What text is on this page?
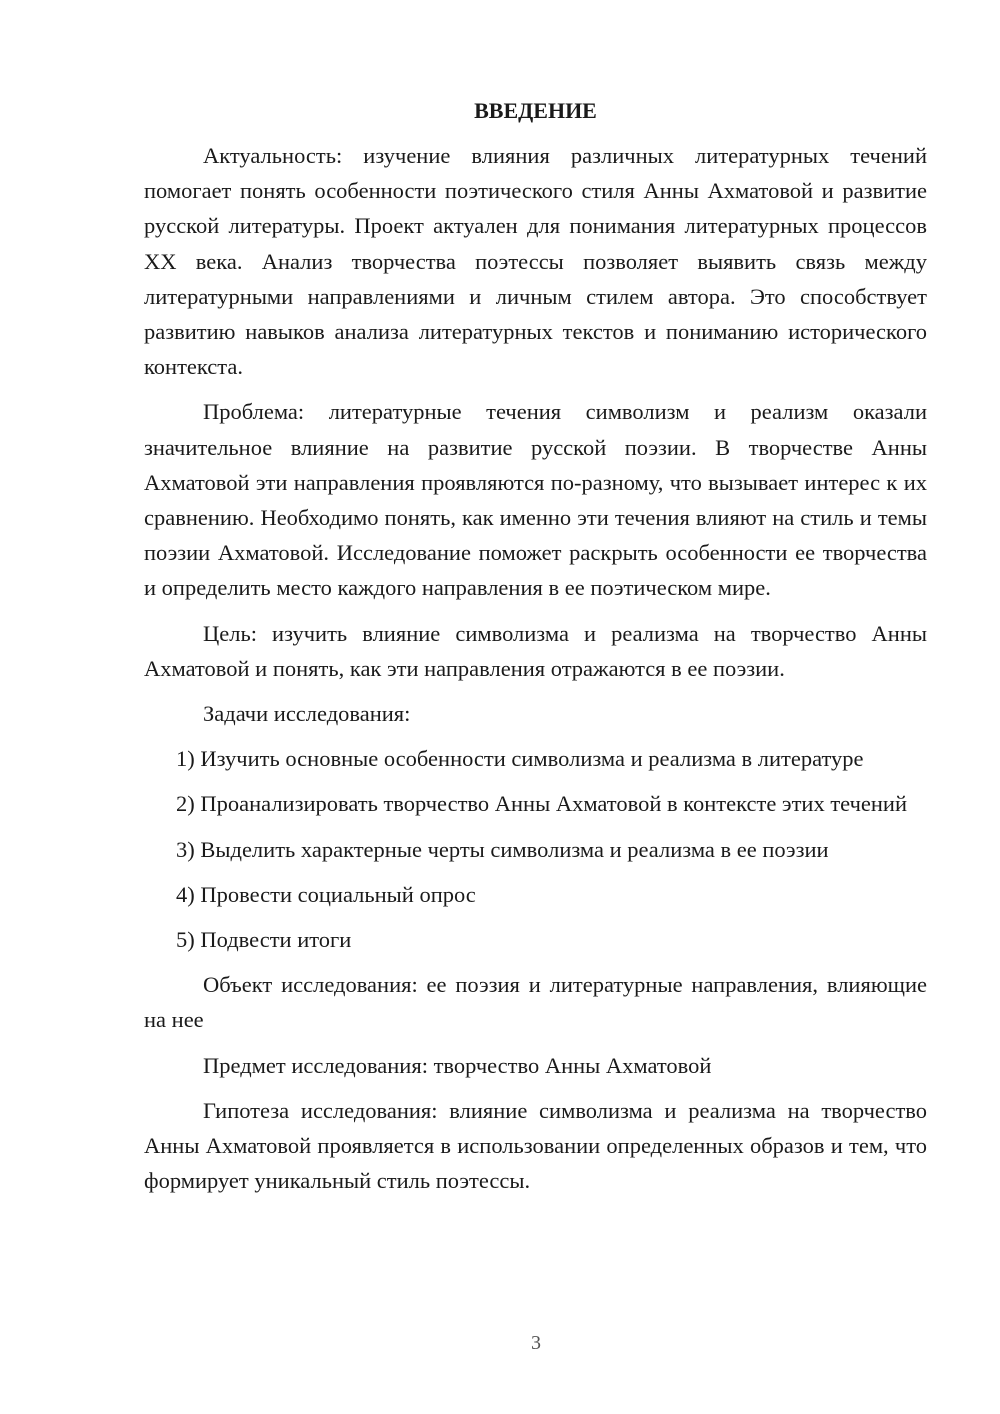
ВВЕДЕНИЕ

Актуальность: изучение влияния различных литературных течений помогает понять особенности поэтического стиля Анны Ахматовой и развитие русской литературы. Проект актуален для понимания литературных процессов XX века. Анализ творчества поэтессы позволяет выявить связь между литературными направлениями и личным стилем автора. Это способствует развитию навыков анализа литературных текстов и пониманию исторического контекста.

Проблема: литературные течения символизм и реализм оказали значительное влияние на развитие русской поэзии. В творчестве Анны Ахматовой эти направления проявляются по-разному, что вызывает интерес к их сравнению. Необходимо понять, как именно эти течения влияют на стиль и темы поэзии Ахматовой. Исследование поможет раскрыть особенности ее творчества и определить место каждого направления в ее поэтическом мире.

Цель: изучить влияние символизма и реализма на творчество Анны Ахматовой и понять, как эти направления отражаются в ее поэзии.

Задачи исследования:

1) Изучить основные особенности символизма и реализма в литературе

2) Проанализировать творчество Анны Ахматовой в контексте этих течений

3) Выделить характерные черты символизма и реализма в ее поэзии

4) Провести социальный опрос

5) Подвести итоги

Объект исследования: ее поэзия и литературные направления, влияющие на нее

Предмет исследования: творчество Анны Ахматовой

Гипотеза исследования: влияние символизма и реализма на творчество Анны Ахматовой проявляется в использовании определенных образов и тем, что формирует уникальный стиль поэтессы.

3
